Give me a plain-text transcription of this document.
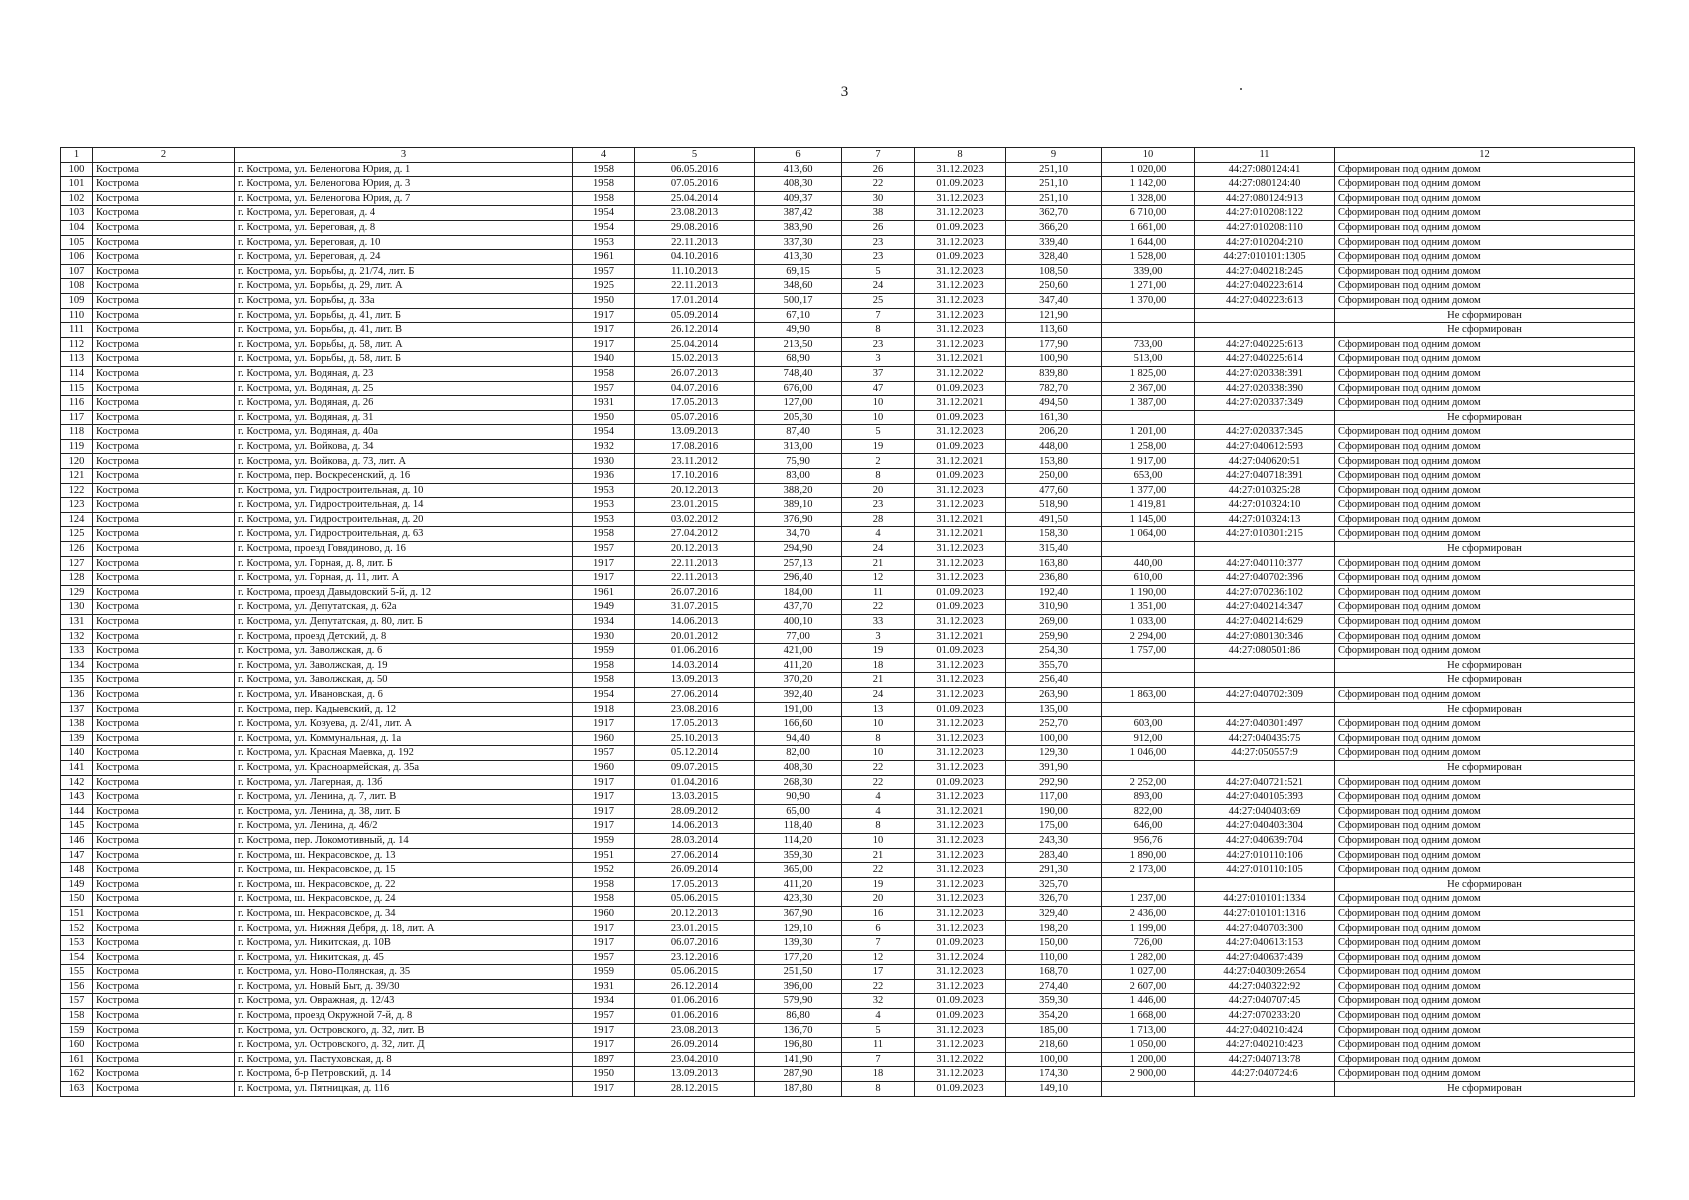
3
1	2	3	4	5	6	7	8	9	10	11	12
100	Кострома	г. Кострома, ул. Беленогова Юрия, д. 1	1958	06.05.2016	413,60	26	31.12.2023	251,10	1 020,00	44:27:080124:41	Сформирован под одним домом
101	Кострома	г. Кострома, ул. Беленогова Юрия, д. 3	1958	07.05.2016	408,30	22	01.09.2023	251,10	1 142,00	44:27:080124:40	Сформирован под одним домом
102	Кострома	г. Кострома, ул. Беленогова Юрия, д. 7	1958	25.04.2014	409,37	30	31.12.2023	251,10	1 328,00	44:27:080124:913	Сформирован под одним домом
103	Кострома	г. Кострома, ул. Береговая, д. 4	1954	23.08.2013	387,42	38	31.12.2023	362,70	6 710,00	44:27:010208:122	Сформирован под одним домом
104	Кострома	г. Кострома, ул. Береговая, д. 8	1954	29.08.2016	383,90	26	01.09.2023	366,20	1 661,00	44:27:010208:110	Сформирован под одним домом
105	Кострома	г. Кострома, ул. Береговая, д. 10	1953	22.11.2013	337,30	23	31.12.2023	339,40	1 644,00	44:27:010204:210	Сформирован под одним домом
106	Кострома	г. Кострома, ул. Береговая, д. 24	1961	04.10.2016	413,30	23	01.09.2023	328,40	1 528,00	44:27:010101:1305	Сформирован под одним домом
107	Кострома	г. Кострома, ул. Борьбы, д. 21/74, лит. Б	1957	11.10.2013	69,15	5	31.12.2023	108,50	339,00	44:27:040218:245	Сформирован под одним домом
108	Кострома	г. Кострома, ул. Борьбы, д. 29, лит. А	1925	22.11.2013	348,60	24	31.12.2023	250,60	1 271,00	44:27:040223:614	Сформирован под одним домом
109	Кострома	г. Кострома, ул. Борьбы, д. 33а	1950	17.01.2014	500,17	25	31.12.2023	347,40	1 370,00	44:27:040223:613	Сформирован под одним домом
110	Кострома	г. Кострома, ул. Борьбы, д. 41, лит. Б	1917	05.09.2014	67,10	7	31.12.2023	121,90			Не сформирован
111	Кострома	г. Кострома, ул. Борьбы, д. 41, лит. В	1917	26.12.2014	49,90	8	31.12.2023	113,60			Не сформирован
112	Кострома	г. Кострома, ул. Борьбы, д. 58, лит. А	1917	25.04.2014	213,50	23	31.12.2023	177,90	733,00	44:27:040225:613	Сформирован под одним домом
113	Кострома	г. Кострома, ул. Борьбы, д. 58, лит. Б	1940	15.02.2013	68,90	3	31.12.2021	100,90	513,00	44:27:040225:614	Сформирован под одним домом
114	Кострома	г. Кострома, ул. Водяная, д. 23	1958	26.07.2013	748,40	37	31.12.2022	839,80	1 825,00	44:27:020338:391	Сформирован под одним домом
115	Кострома	г. Кострома, ул. Водяная, д. 25	1957	04.07.2016	676,00	47	01.09.2023	782,70	2 367,00	44:27:020338:390	Сформирован под одним домом
116	Кострома	г. Кострома, ул. Водяная, д. 26	1931	17.05.2013	127,00	10	31.12.2021	494,50	1 387,00	44:27:020337:349	Сформирован под одним домом
117	Кострома	г. Кострома, ул. Водяная, д. 31	1950	05.07.2016	205,30	10	01.09.2023	161,30			Не сформирован
118	Кострома	г. Кострома, ул. Водяная, д. 40а	1954	13.09.2013	87,40	5	31.12.2023	206,20	1 201,00	44:27:020337:345	Сформирован под одним домом
119	Кострома	г. Кострома, ул. Войкова, д. 34	1932	17.08.2016	313,00	19	01.09.2023	448,00	1 258,00	44:27:040612:593	Сформирован под одним домом
120	Кострома	г. Кострома, ул. Войкова, д. 73, лит. А	1930	23.11.2012	75,90	2	31.12.2021	153,80	1 917,00	44:27:040620:51	Сформирован под одним домом
121	Кострома	г. Кострома, пер. Воскресенский, д. 16	1936	17.10.2016	83,00	8	01.09.2023	250,00	653,00	44:27:040718:391	Сформирован под одним домом
122	Кострома	г. Кострома, ул. Гидростроительная, д. 10	1953	20.12.2013	388,20	20	31.12.2023	477,60	1 377,00	44:27:010325:28	Сформирован под одним домом
123	Кострома	г. Кострома, ул. Гидростроительная, д. 14	1953	23.01.2015	389,10	23	31.12.2023	518,90	1 419,81	44:27:010324:10	Сформирован под одним домом
124	Кострома	г. Кострома, ул. Гидростроительная, д. 20	1953	03.02.2012	376,90	28	31.12.2021	491,50	1 145,00	44:27:010324:13	Сформирован под одним домом
125	Кострома	г. Кострома, ул. Гидростроительная, д. 63	1958	27.04.2012	34,70	4	31.12.2021	158,30	1 064,00	44:27:010301:215	Сформирован под одним домом
126	Кострома	г. Кострома, проезд Говядиново, д. 16	1957	20.12.2013	294,90	24	31.12.2023	315,40			Не сформирован
127	Кострома	г. Кострома, ул. Горная, д. 8, лит. Б	1917	22.11.2013	257,13	21	31.12.2023	163,80	440,00	44:27:040110:377	Сформирован под одним домом
128	Кострома	г. Кострома, ул. Горная, д. 11, лит. А	1917	22.11.2013	296,40	12	31.12.2023	236,80	610,00	44:27:040702:396	Сформирован под одним домом
129	Кострома	г. Кострома, проезд Давыдовский 5-й, д. 12	1961	26.07.2016	184,00	11	01.09.2023	192,40	1 190,00	44:27:070236:102	Сформирован под одним домом
130	Кострома	г. Кострома, ул. Депутатская, д. 62а	1949	31.07.2015	437,70	22	01.09.2023	310,90	1 351,00	44:27:040214:347	Сформирован под одним домом
131	Кострома	г. Кострома, ул. Депутатская, д. 80, лит. Б	1934	14.06.2013	400,10	33	31.12.2023	269,00	1 033,00	44:27:040214:629	Сформирован под одним домом
132	Кострома	г. Кострома, проезд Детский, д. 8	1930	20.01.2012	77,00	3	31.12.2021	259,90	2 294,00	44:27:080130:346	Сформирован под одним домом
133	Кострома	г. Кострома, ул. Заволжская, д. 6	1959	01.06.2016	421,00	19	01.09.2023	254,30	1 757,00	44:27:080501:86	Сформирован под одним домом
134	Кострома	г. Кострома, ул. Заволжская, д. 19	1958	14.03.2014	411,20	18	31.12.2023	355,70			Не сформирован
135	Кострома	г. Кострома, ул. Заволжская, д. 50	1958	13.09.2013	370,20	21	31.12.2023	256,40			Не сформирован
136	Кострома	г. Кострома, ул. Ивановская, д. 6	1954	27.06.2014	392,40	24	31.12.2023	263,90	1 863,00	44:27:040702:309	Сформирован под одним домом
137	Кострома	г. Кострома, пер. Кадыевский, д. 12	1918	23.08.2016	191,00	13	01.09.2023	135,00			Не сформирован
138	Кострома	г. Кострома, ул. Козуева, д. 2/41, лит. А	1917	17.05.2013	166,60	10	31.12.2023	252,70	603,00	44:27:040301:497	Сформирован под одним домом
139	Кострома	г. Кострома, ул. Коммунальная, д. 1а	1960	25.10.2013	94,40	8	31.12.2023	100,00	912,00	44:27:040435:75	Сформирован под одним домом
140	Кострома	г. Кострома, ул. Красная Маевка, д. 192	1957	05.12.2014	82,00	10	31.12.2023	129,30	1 046,00	44:27:050557:9	Сформирован под одним домом
141	Кострома	г. Кострома, ул. Красноармейская, д. 35а	1960	09.07.2015	408,30	22	31.12.2023	391,90			Не сформирован
142	Кострома	г. Кострома, ул. Лагерная, д. 13б	1917	01.04.2016	268,30	22	01.09.2023	292,90	2 252,00	44:27:040721:521	Сформирован под одним домом
143	Кострома	г. Кострома, ул. Ленина, д. 7, лит. В	1917	13.03.2015	90,90	4	31.12.2023	117,00	893,00	44:27:040105:393	Сформирован под одним домом
144	Кострома	г. Кострома, ул. Ленина, д. 38, лит. Б	1917	28.09.2012	65,00	4	31.12.2021	190,00	822,00	44:27:040403:69	Сформирован под одним домом
145	Кострома	г. Кострома, ул. Ленина, д. 46/2	1917	14.06.2013	118,40	8	31.12.2023	175,00	646,00	44:27:040403:304	Сформирован под одним домом
146	Кострома	г. Кострома, пер. Локомотивный, д. 14	1959	28.03.2014	114,20	10	31.12.2023	243,30	956,76	44:27:040639:704	Сформирован под одним домом
147	Кострома	г. Кострома, ш. Некрасовское, д. 13	1951	27.06.2014	359,30	21	31.12.2023	283,40	1 890,00	44:27:010110:106	Сформирован под одним домом
148	Кострома	г. Кострома, ш. Некрасовское, д. 15	1952	26.09.2014	365,00	22	31.12.2023	291,30	2 173,00	44:27:010110:105	Сформирован под одним домом
149	Кострома	г. Кострома, ш. Некрасовское, д. 22	1958	17.05.2013	411,20	19	31.12.2023	325,70			Не сформирован
150	Кострома	г. Кострома, ш. Некрасовское, д. 24	1958	05.06.2015	423,30	20	31.12.2023	326,70	1 237,00	44:27:010101:1334	Сформирован под одним домом
151	Кострома	г. Кострома, ш. Некрасовское, д. 34	1960	20.12.2013	367,90	16	31.12.2023	329,40	2 436,00	44:27:010101:1316	Сформирован под одним домом
152	Кострома	г. Кострома, ул. Нижняя Дебря, д. 18, лит. А	1917	23.01.2015	129,10	6	31.12.2023	198,20	1 199,00	44:27:040703:300	Сформирован под одним домом
153	Кострома	г. Кострома, ул. Никитская, д. 10В	1917	06.07.2016	139,30	7	01.09.2023	150,00	726,00	44:27:040613:153	Сформирован под одним домом
154	Кострома	г. Кострома, ул. Никитская, д. 45	1957	23.12.2016	177,20	12	31.12.2024	110,00	1 282,00	44:27:040637:439	Сформирован под одним домом
155	Кострома	г. Кострома, ул. Ново-Полянская, д. 35	1959	05.06.2015	251,50	17	31.12.2023	168,70	1 027,00	44:27:040309:2654	Сформирован под одним домом
156	Кострома	г. Кострома, ул. Новый Быт, д. 39/30	1931	26.12.2014	396,00	22	31.12.2023	274,40	2 607,00	44:27:040322:92	Сформирован под одним домом
157	Кострома	г. Кострома, ул. Овражная, д. 12/43	1934	01.06.2016	579,90	32	01.09.2023	359,30	1 446,00	44:27:040707:45	Сформирован под одним домом
158	Кострома	г. Кострома, проезд Окружной 7-й, д. 8	1957	01.06.2016	86,80	4	01.09.2023	354,20	1 668,00	44:27:070233:20	Сформирован под одним домом
159	Кострома	г. Кострома, ул. Островского, д. 32, лит. В	1917	23.08.2013	136,70	5	31.12.2023	185,00	1 713,00	44:27:040210:424	Сформирован под одним домом
160	Кострома	г. Кострома, ул. Островского, д. 32, лит. Д	1917	26.09.2014	196,80	11	31.12.2023	218,60	1 050,00	44:27:040210:423	Сформирован под одним домом
161	Кострома	г. Кострома, ул. Пастуховская, д. 8	1897	23.04.2010	141,90	7	31.12.2022	100,00	1 200,00	44:27:040713:78	Сформирован под одним домом
162	Кострома	г. Кострома, б-р Петровский, д. 14	1950	13.09.2013	287,90	18	31.12.2023	174,30	2 900,00	44:27:040724:6	Сформирован под одним домом
163	Кострома	г. Кострома, ул. Пятницкая, д. 116	1917	28.12.2015	187,80	8	01.09.2023	149,10			Не сформирован
